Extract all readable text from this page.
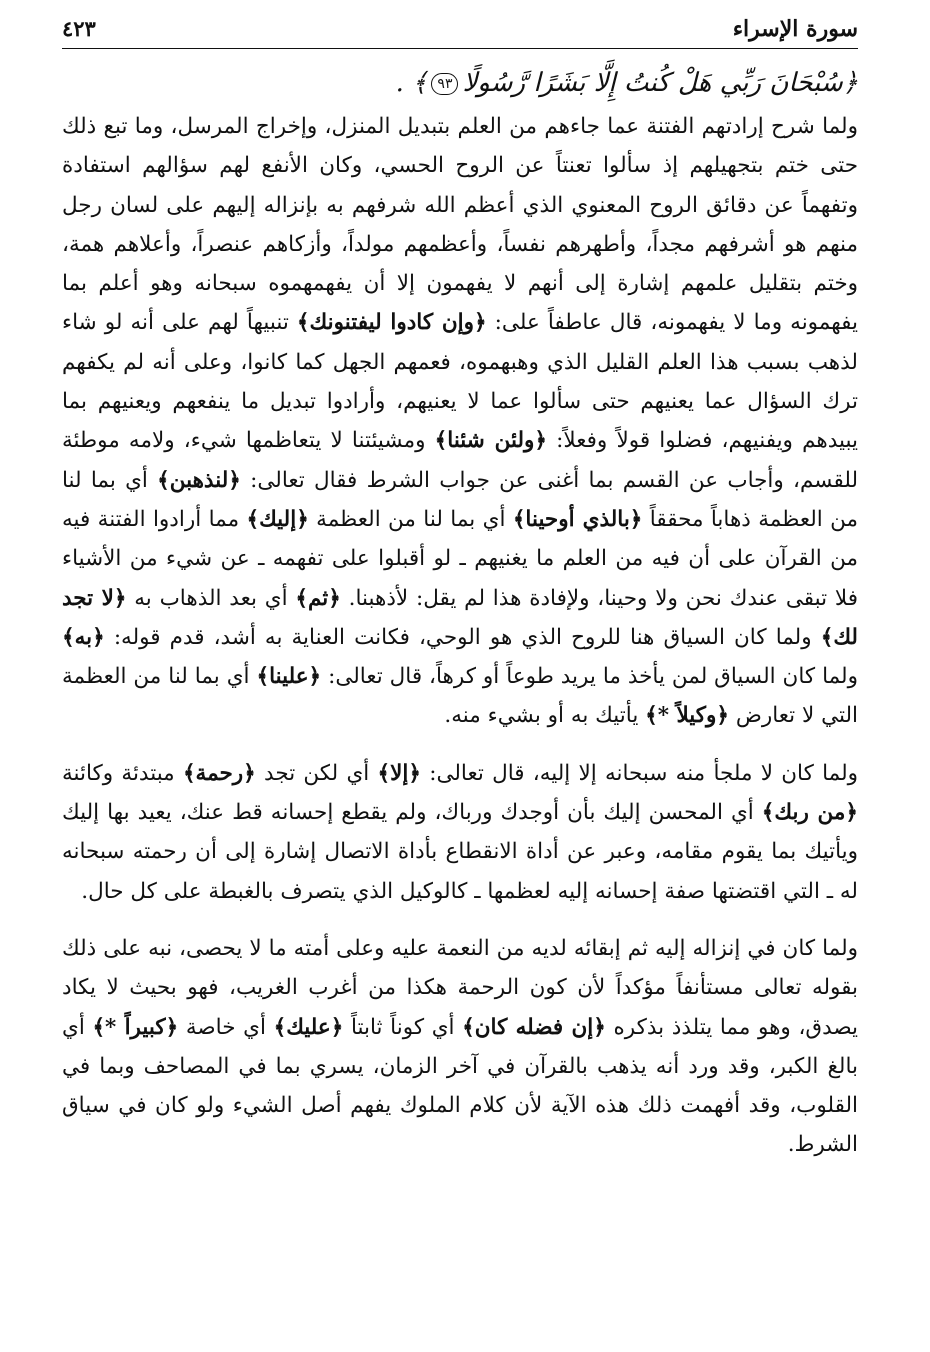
٤٢٣	سورة الإسراء
﴿سُبْحَانَ رَبِّي هَلْ كُنتُ إِلَّا بَشَرًا رَّسُولًا٩٣﴾ .

ولما شرح إرادتهم الفتنة عما جاءهم من العلم بتبديل المنزل، وإخراج المرسل، وما تبع ذلك حتى ختم بتجهيلهم إذ سألوا تعنتاً عن الروح الحسي، وكان الأنفع لهم سؤالهم استفادة وتفهماً عن دقائق الروح المعنوي الذي أعظم الله شرفهم به بإنزاله إليهم على لسان رجل منهم هو أشرفهم مجداً، وأطهرهم نفساً، وأعظمهم مولداً، وأزكاهم عنصراً، وأعلاهم همة، وختم بتقليل علمهم إشارة إلى أنهم لا يفهمون إلا أن يفهمهموه سبحانه وهو أعلم بما يفهمونه وما لا يفهمونه، قال عاطفاً على: ﴿وإن كادوا ليفتنونك﴾ تنبيهاً لهم على أنه لو شاء لذهب بسبب هذا العلم القليل الذي وهبهموه، فعمهم الجهل كما كانوا، وعلى أنه لم يكفهم ترك السؤال عما يعنيهم حتى سألوا عما لا يعنيهم، وأرادوا تبديل ما ينفعهم ويعنيهم بما يبيدهم ويفنيهم، فضلوا قولاً وفعلاً: ﴿ولئن شئنا﴾ ومشيئتنا لا يتعاظمها شيء، ولامه موطئة للقسم، وأجاب عن القسم بما أغنى عن جواب الشرط فقال تعالى: ﴿لنذهبن﴾ أي بما لنا من العظمة ذهاباً محققاً ﴿بالذي أوحينا﴾ أي بما لنا من العظمة ﴿إليك﴾ مما أرادوا الفتنة فيه من القرآن على أن فيه من العلم ما يغنيهم ـ لو أقبلوا على تفهمه ـ عن شيء من الأشياء فلا تبقى عندك نحن ولا وحينا، ولإفادة هذا لم يقل: لأذهبنا. ﴿ثم﴾ أي بعد الذهاب به ﴿لا تجد لك﴾ ولما كان السياق هنا للروح الذي هو الوحي، فكانت العناية به أشد، قدم قوله: ﴿به﴾ ولما كان السياق لمن يأخذ ما يريد طوعاً أو كرهاً، قال تعالى: ﴿علينا﴾ أي بما لنا من العظمة التي لا تعارض ﴿وكيلاً *﴾ يأتيك به أو بشيء منه.

ولما كان لا ملجأ منه سبحانه إلا إليه، قال تعالى: ﴿إلا﴾ أي لكن تجد ﴿رحمة﴾ مبتدئة وكائنة ﴿من ربك﴾ أي المحسن إليك بأن أوجدك ورباك، ولم يقطع إحسانه قط عنك، يعيد بها إليك ويأتيك بما يقوم مقامه، وعبر عن أداة الانقطاع بأداة الاتصال إشارة إلى أن رحمته سبحانه له ـ التي اقتضتها صفة إحسانه إليه لعظمها ـ كالوكيل الذي يتصرف بالغبطة على كل حال.

ولما كان في إنزاله إليه ثم إبقائه لديه من النعمة عليه وعلى أمته ما لا يحصى، نبه على ذلك بقوله تعالى مستأنفاً مؤكداً لأن كون الرحمة هكذا من أغرب الغريب، فهو بحيث لا يكاد يصدق، وهو مما يتلذذ بذكره ﴿إن فضله كان﴾ أي كوناً ثابتاً ﴿عليك﴾ أي خاصة ﴿كبيراً *﴾ أي بالغ الكبر، وقد ورد أنه يذهب بالقرآن في آخر الزمان، يسري بما في المصاحف وبما في القلوب، وقد أفهمت ذلك هذه الآية لأن كلام الملوك يفهم أصل الشيء ولو كان في سياق الشرط.
